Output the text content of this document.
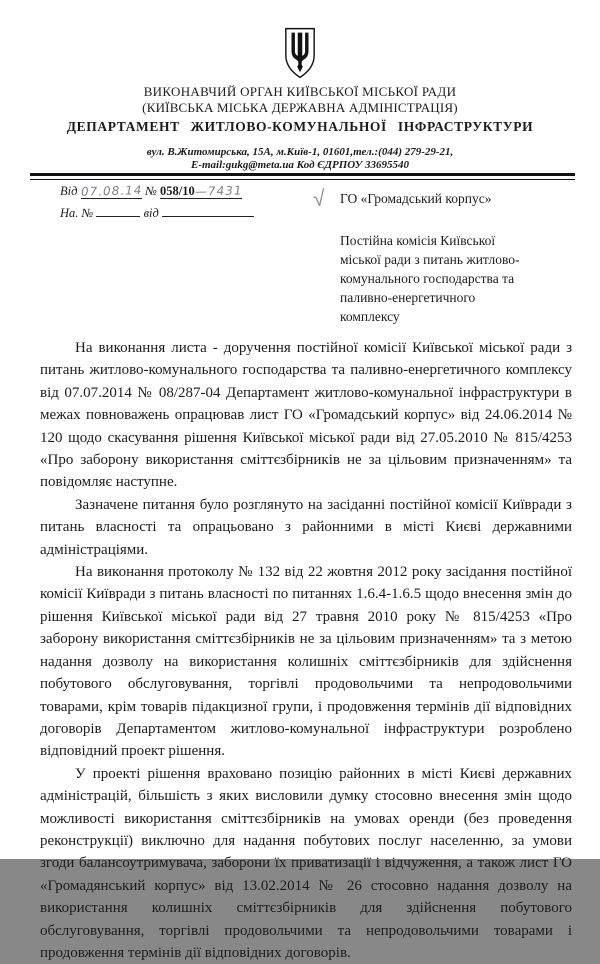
ВИКОНАВЧИЙ ОРГАН КИЇВСЬКОЇ МІСЬКОЇ РАДИ
(КИЇВСЬКА МІСЬКА ДЕРЖАВНА АДМІНІСТРАЦІЯ)
ДЕПАРТАМЕНТ ЖИТЛОВО-КОМУНАЛЬНОЇ ІНФРАСТРУКТУРИ
вул. В.Житомирська, 15А, м.Київ-1, 01601,тел.:(044) 279-29-21,
E-mail:gukg@meta.ua Код ЄДРПОУ 33695540
Від 07.08.14 № 058/10—7431
На. №	від
√ ГО «Громадський корпус»
Постійна комісія Київської
міської ради з питань житлово-
комунального господарства та
паливно-енергетичного
комплексу

На виконання листа - доручення постійної комісії Київської міської ради з питань житлово-комунального господарства та паливно-енергетичного комплексу від 07.07.2014 № 08/287-04 Департамент житлово-комунальної інфраструктури в межах повноважень опрацював лист ГО «Громадський корпус» від 24.06.2014 № 120 щодо скасування рішення Київської міської ради від 27.05.2010 № 815/4253 «Про заборону використання сміттєзбірників не за цільовим призначенням» та повідомляє наступне.

Зазначене питання було розглянуто на засіданні постійної комісії Київради з питань власності та опрацьовано з районними в місті Києві державними адміністраціями.

На виконання протоколу № 132 від 22 жовтня 2012 року засідання постійної комісії Київради з питань власності по питаннях 1.6.4-1.6.5 щодо внесення змін до рішення Київської міської ради від 27 травня 2010 року № 815/4253 «Про заборону використання сміттєзбірників не за цільовим призначенням» та з метою надання дозволу на використання колишніх сміттєзбірників для здійснення побутового обслуговування, торгівлі продовольчими та непродовольчими товарами, крім товарів підакцизної групи, і продовження термінів дії відповідних договорів Департаментом житлово-комунальної інфраструктури розроблено відповідний проект рішення.

У проекті рішення враховано позицію районних в місті Києві державних адміністрацій, більшість з яких висловили думку стосовно внесення змін щодо можливості використання сміттєзбірників на умовах оренди (без проведення реконструкції) виключно для надання побутових послуг населенню, за умови згоди балансоутримувача, заборони їх приватизації і відчуження, а також лист ГО «Громадянський корпус» від 13.02.2014 № 26 стосовно надання дозволу на використання колишніх сміттєзбірників для здійснення побутового обслуговування, торгівлі продовольчими та непродовольчими товарами і продовження термінів дії відповідних договорів.
